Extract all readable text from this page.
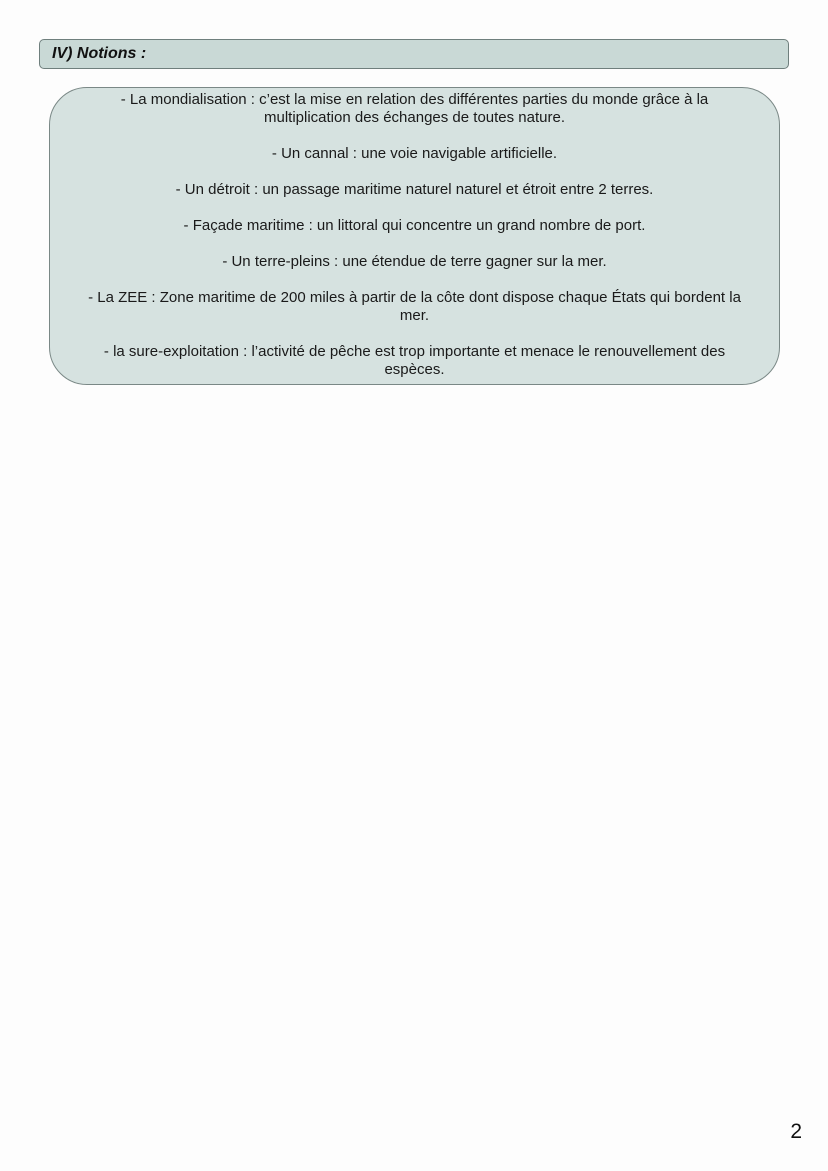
IV) Notions :

- La mondialisation : c’est la mise en relation des différentes parties du monde grâce à la multiplication des échanges de toutes nature.

- Un cannal : une voie navigable artificielle.

- Un détroit : un passage maritime naturel naturel et étroit entre 2 terres.

- Façade maritime : un littoral qui concentre un grand nombre de port.

- Un terre-pleins : une étendue de terre gagner sur la mer.

- La ZEE : Zone maritime de 200 miles à partir de la côte dont dispose chaque États qui bordent la mer.

- la sure-exploitation : l’activité de pêche est trop importante et menace le renouvellement des espèces.

2
